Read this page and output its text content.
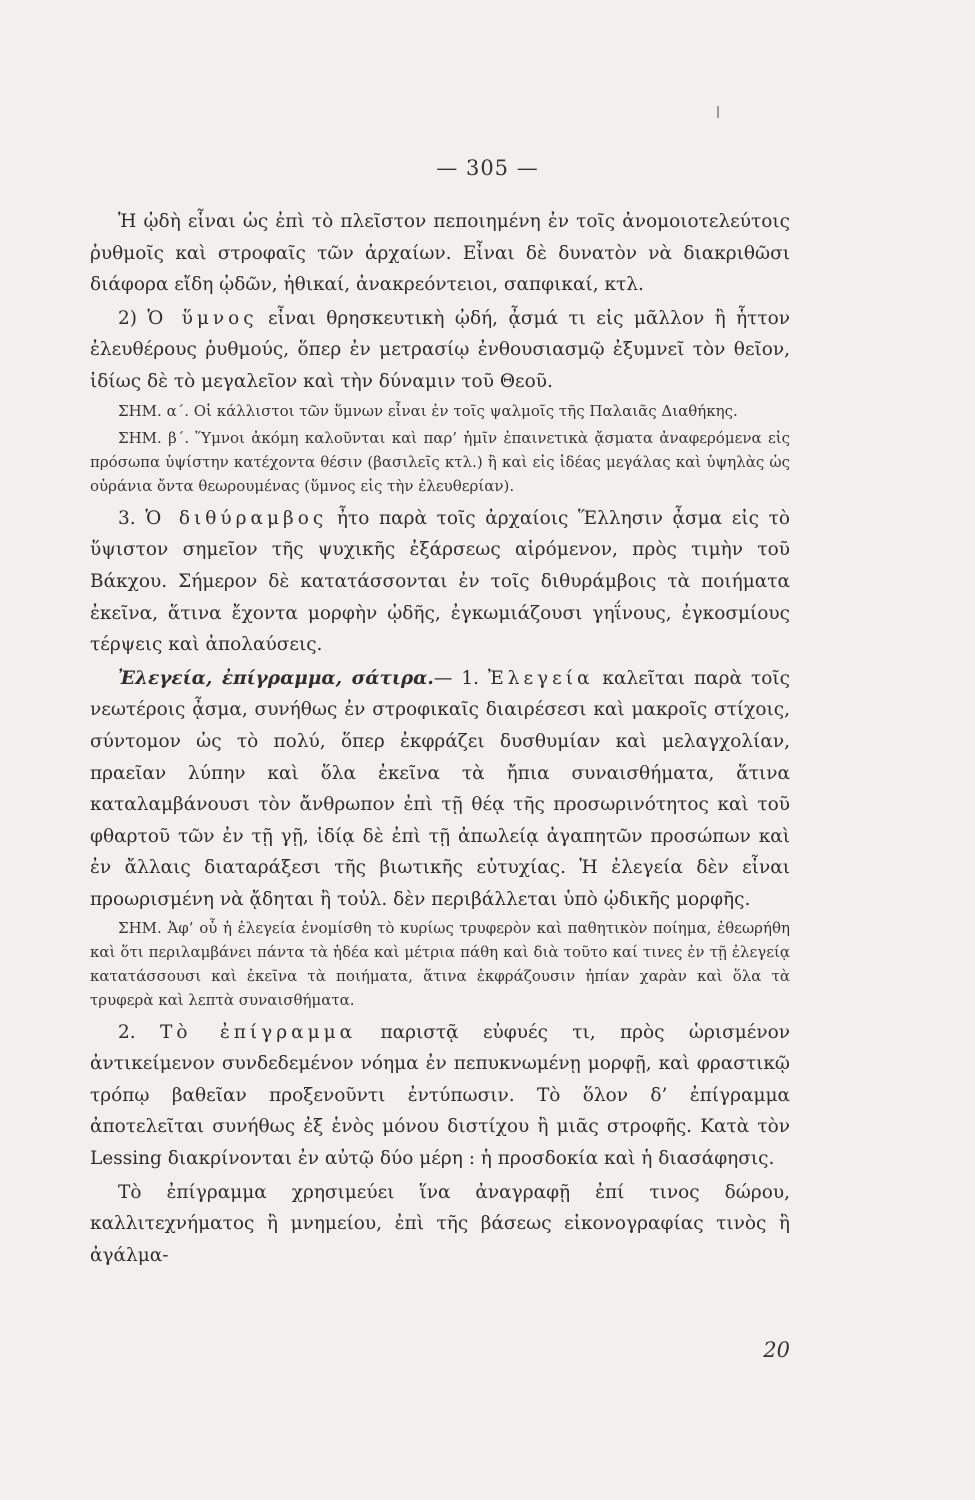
— 305 —

Ἡ ᾠδὴ εἶναι ὡς ἐπὶ τὸ πλεῖστον πεποιημένη ἐν τοῖς ἀνομοιοτελεύτοις ῥυθμοῖς καὶ στροφαῖς τῶν ἀρχαίων. Εἶναι δὲ δυνατὸν νὰ διακριθῶσι διάφορα εἴδη ᾠδῶν, ἠθικαί, ἀνακρεόντειοι, σαπφικαί, κτλ.

2) Ὁ ὕμνος εἶναι θρησκευτικὴ ᾠδή, ᾆσμά τι εἰς μᾶλλον ἢ ἧττον ἐλευθέρους ῥυθμούς, ὅπερ ἐν μετρασίῳ ἐνθουσιασμῷ ἐξυμνεῖ τὸν θεῖον, ἰδίως δὲ τὸ μεγαλεῖον καὶ τὴν δύναμιν τοῦ Θεοῦ.

ΣΗΜ. α΄. Οἱ κάλλιστοι τῶν ὕμνων εἶναι ἐν τοῖς ψαλμοῖς τῆς Παλαιᾶς Διαθήκης.

ΣΗΜ. β΄. Ὕμνοι ἀκόμη καλοῦνται καὶ παρ’ ἡμῖν ἐπαινετικὰ ᾄσματα ἀναφερόμενα εἰς πρόσωπα ὑψίστην κατέχοντα θέσιν (βασιλεῖς κτλ.) ἢ καὶ εἰς ἰδέας μεγάλας καὶ ὑψηλὰς ὡς οὐράνια ὄντα θεωρουμένας (ὕμνος εἰς τὴν ἐλευθερίαν).

3. Ὁ διθύραμβος ἦτο παρὰ τοῖς ἀρχαίοις Ἕλλησιν ᾆσμα εἰς τὸ ὕψιστον σημεῖον τῆς ψυχικῆς ἐξάρσεως αἰρόμενον, πρὸς τιμὴν τοῦ Βάκχου. Σήμερον δὲ κατατάσσονται ἐν τοῖς διθυράμβοις τὰ ποιήματα ἐκεῖνα, ἅτινα ἔχοντα μορφὴν ᾠδῆς, ἐγκωμιάζουσι γηΐνους, ἐγκοσμίους τέρψεις καὶ ἀπολαύσεις.

Ἐλεγεία, ἐπίγραμμα, σάτιρα.— 1. Ἐλεγεία καλεῖται παρὰ τοῖς νεωτέροις ᾆσμα, συνήθως ἐν στροφικαῖς διαιρέσεσι καὶ μακροῖς στίχοις, σύντομον ὡς τὸ πολύ, ὅπερ ἐκφράζει δυσθυμίαν καὶ μελαγχολίαν, πραεῖαν λύπην καὶ ὅλα ἐκεῖνα τὰ ἤπια συναισθήματα, ἅτινα καταλαμβάνουσι τὸν ἄνθρωπον ἐπὶ τῇ θέᾳ τῆς προσωρινότητος καὶ τοῦ φθαρτοῦ τῶν ἐν τῇ γῇ, ἰδίᾳ δὲ ἐπὶ τῇ ἀπωλείᾳ ἀγαπητῶν προσώπων καὶ ἐν ἄλλαις διαταράξεσι τῆς βιωτικῆς εὐτυχίας. Ἡ ἐλεγεία δὲν εἶναι προωρισμένη νὰ ᾄδηται ἢ τοὐλ. δὲν περιβάλλεται ὑπὸ ᾠδικῆς μορφῆς.

ΣΗΜ. Ἀφ’ οὗ ἡ ἐλεγεία ἐνομίσθη τὸ κυρίως τρυφερὸν καὶ παθητικὸν ποίημα, ἐθεωρήθη καὶ ὅτι περιλαμβάνει πάντα τὰ ἡδέα καὶ μέτρια πάθη καὶ διὰ τοῦτο καί τινες ἐν τῇ ἐλεγείᾳ κατατάσσουσι καὶ ἐκεῖνα τὰ ποιήματα, ἅτινα ἐκφράζουσιν ἠπίαν χαρὰν καὶ ὅλα τὰ τρυφερὰ καὶ λεπτὰ συναισθήματα.

2. Τὸ ἐπίγραμμα παριστᾷ εὐφυές τι, πρὸς ὡρισμένον ἀντικείμενον συνδεδεμένον νόημα ἐν πεπυκνωμένῃ μορφῇ, καὶ φραστικῷ τρόπῳ βαθεῖαν προξενοῦντι ἐντύπωσιν. Τὸ ὅλον δ’ ἐπίγραμμα ἀποτελεῖται συνήθως ἐξ ἑνὸς μόνου διστίχου ἢ μιᾶς στροφῆς. Κατὰ τὸν Lessing διακρίνονται ἐν αὐτῷ δύο μέρη : ἡ προσδοκία καὶ ἡ διασάφησις.

Τὸ ἐπίγραμμα χρησιμεύει ἵνα ἀναγραφῇ ἐπί τινος δώρου, καλλιτεχνήματος ἢ μνημείου, ἐπὶ τῆς βάσεως εἰκονογραφίας τινὸς ἢ ἀγάλμα-

20
